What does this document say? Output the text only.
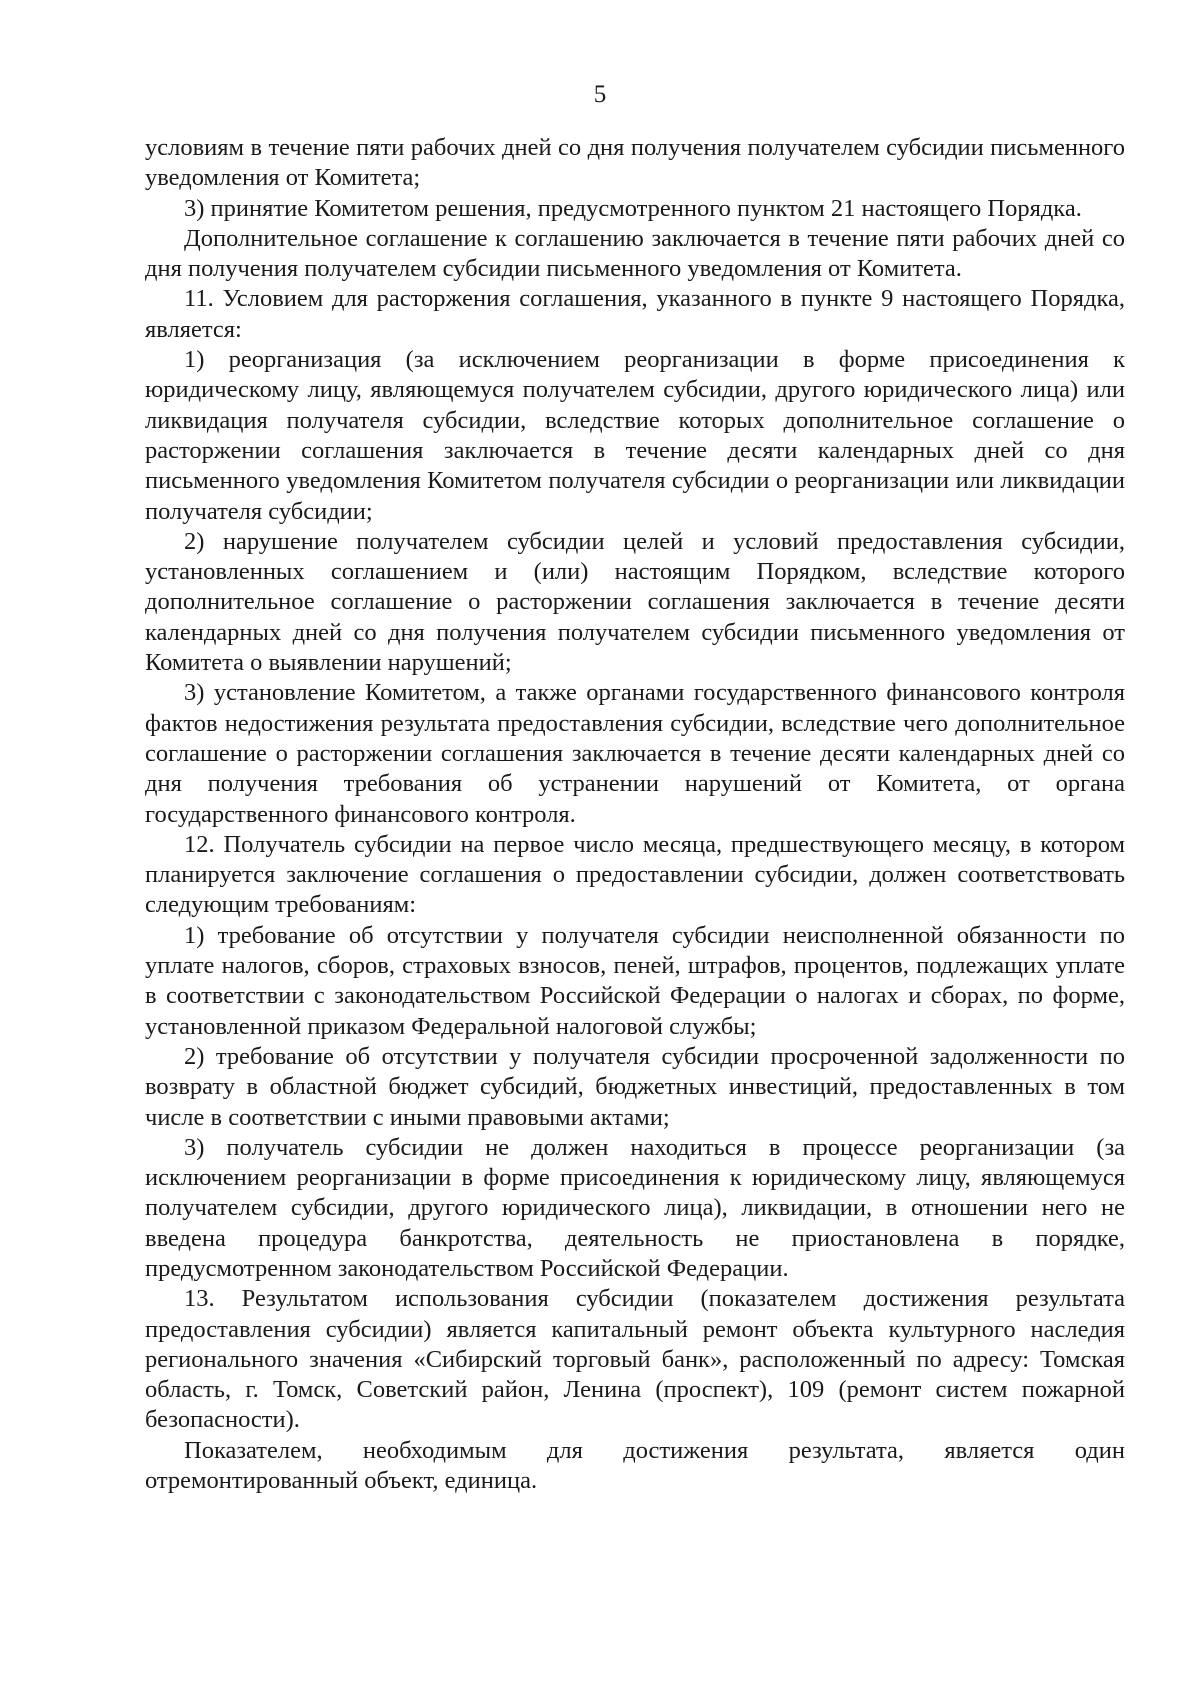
5

условиям в течение пяти рабочих дней со дня получения получателем субсидии письменного уведомления от Комитета;

3) принятие Комитетом решения, предусмотренного пунктом 21 настоящего Порядка.

Дополнительное соглашение к соглашению заключается в течение пяти рабочих дней со дня получения получателем субсидии письменного уведомления от Комитета.

11. Условием для расторжения соглашения, указанного в пункте 9 настоящего Порядка, является:

1) реорганизация (за исключением реорганизации в форме присоединения к юридическому лицу, являющемуся получателем субсидии, другого юридического лица) или ликвидация получателя субсидии, вследствие которых дополнительное соглашение о расторжении соглашения заключается в течение десяти календарных дней со дня письменного уведомления Комитетом получателя субсидии о реорганизации или ликвидации получателя субсидии;

2) нарушение получателем субсидии целей и условий предоставления субсидии, установленных соглашением и (или) настоящим Порядком, вследствие которого дополнительное соглашение о расторжении соглашения заключается в течение десяти календарных дней со дня получения получателем субсидии письменного уведомления от Комитета о выявлении нарушений;

3) установление Комитетом, а также органами государственного финансового контроля фактов недостижения результата предоставления субсидии, вследствие чего дополнительное соглашение о расторжении соглашения заключается в течение десяти календарных дней со дня получения требования об устранении нарушений от Комитета, от органа государственного финансового контроля.

12. Получатель субсидии на первое число месяца, предшествующего месяцу, в котором планируется заключение соглашения о предоставлении субсидии, должен соответствовать следующим требованиям:

1) требование об отсутствии у получателя субсидии неисполненной обязанности по уплате налогов, сборов, страховых взносов, пеней, штрафов, процентов, подлежащих уплате в соответствии с законодательством Российской Федерации о налогах и сборах, по форме, установленной приказом Федеральной налоговой службы;

2) требование об отсутствии у получателя субсидии просроченной задолженности по возврату в областной бюджет субсидий, бюджетных инвестиций, предоставленных в том числе в соответствии с иными правовыми актами;

3) получатель субсидии не должен находиться в процессе реорганизации (за исключением реорганизации в форме присоединения к юридическому лицу, являющемуся получателем субсидии, другого юридического лица), ликвидации, в отношении него не введена процедура банкротства, деятельность не приостановлена в порядке, предусмотренном законодательством Российской Федерации.

13. Результатом использования субсидии (показателем достижения результата предоставления субсидии) является капитальный ремонт объекта культурного наследия регионального значения «Сибирский торговый банк», расположенный по адресу: Томская область, г. Томск, Советский район, Ленина (проспект), 109 (ремонт систем пожарной безопасности).

Показателем, необходимым для достижения результата, является один отремонтированный объект, единица.
